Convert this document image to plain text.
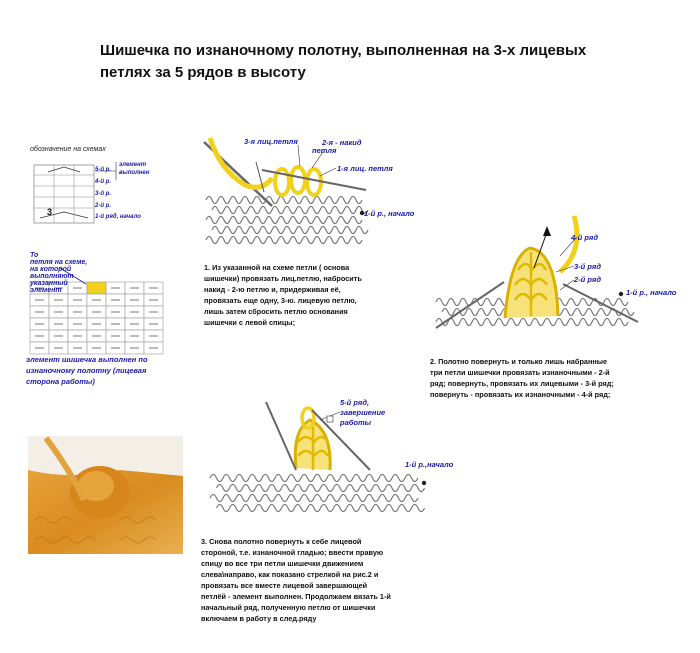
Шишечка по изнаночному полотну, выполненная на 3-х лицевых
петлях за 5 рядов в высоту
обозначение на схемах
элемент
выполнен
5-й р.
4-й р.
3-й р.
2-й р.
1-й ряд, начало
3
То
петля на схеме,
на которой
выполняют
указанный
элемент
элемент шишечка выполнен по
изнаночному полотну (лицевая
сторона работы)
3-я лиц.петля	2-я - накид
петля
1-я лиц. петля
1-й р., начало
1. Из указанной на схеме петли ( основа
шишечки) провязать лиц.петлю, набросить
накид - 2-ю петлю и, придерживая её,
провязать еще одну, 3-ю. лицевую петлю,
лишь затем сбросить петлю основания
шишечки с левой спицы;
4-й ряд
3-й ряд
2-й ряд
1-й р., начало
2. Полотно повернуть и только лишь набранные
три петли шишечки провязать изнаночными - 2-й
ряд; повернуть, провязать их лицевыми - 3-й ряд;
повернуть - провязать их изнаночными - 4-й ряд;
5-й ряд,
завершение
работы
1-й р.,начало
3. Снова полотно повернуть к себе лицевой
стороной, т.е. изнаночной гладью; ввести правую
спицу во все три петли шишечки движением
слева\направо, как показано стрелкой на рис.2 и
провязать все вместе лицевой завершающей
петлёй - элемент выполнен. Продолжаем вязать 1-й
начальный ряд, полученную петлю от шишечки
включаем в работу в след.ряду
